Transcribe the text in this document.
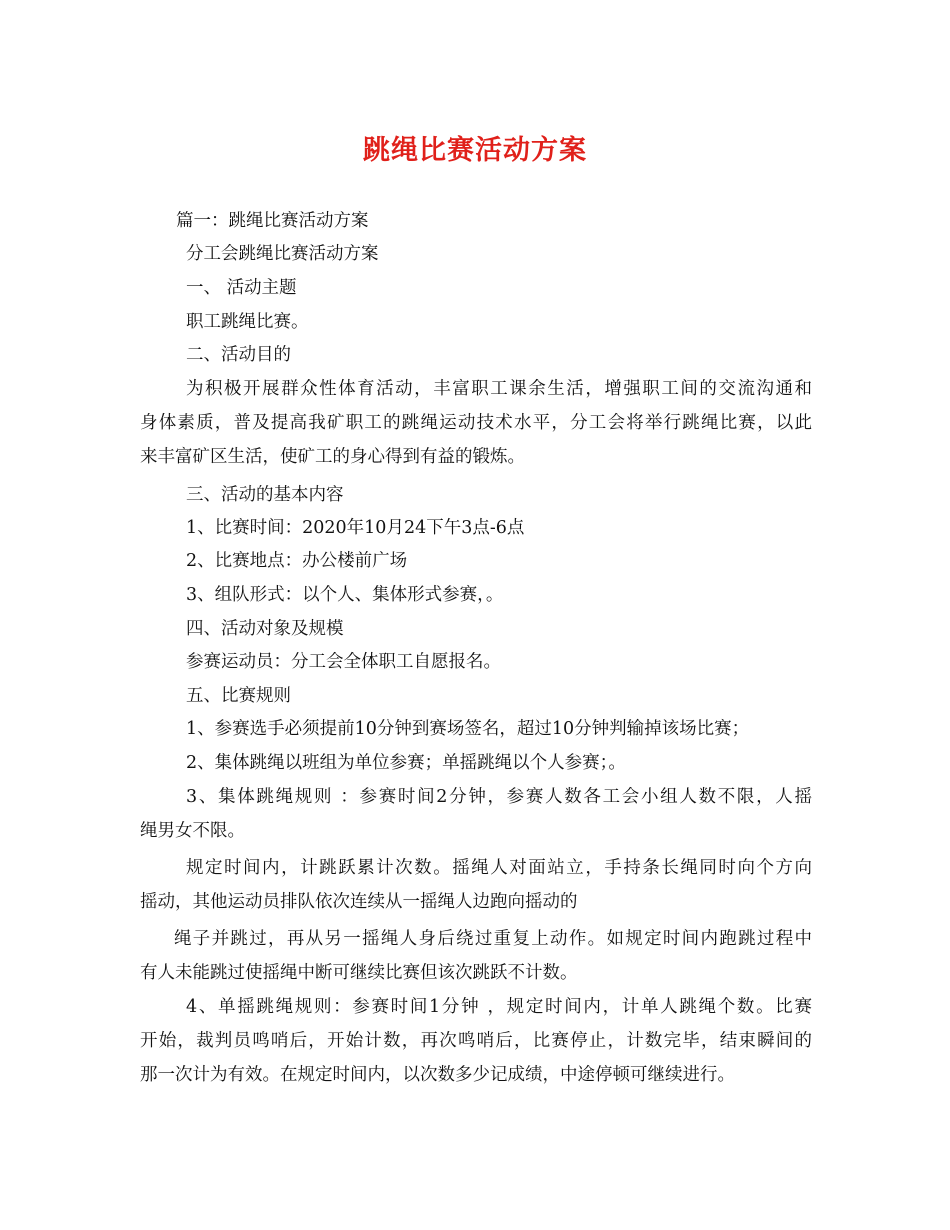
跳绳比赛活动方案
篇一：跳绳比赛活动方案
分工会跳绳比赛活动方案
一、 活动主题
职工跳绳比赛。
二、活动目的
为积极开展群众性体育活动，丰富职工课余生活，增强职工间的交流沟通和
身体素质，普及提高我矿职工的跳绳运动技术水平，分工会将举行跳绳比赛，以此
来丰富矿区生活，使矿工的身心得到有益的锻炼。
三、活动的基本内容
1、比赛时间：2020年10月24下午3点-6点
2、比赛地点：办公楼前广场
3、组队形式：以个人、集体形式参赛，。
四、活动对象及规模
参赛运动员：分工会全体职工自愿报名。
五、比赛规则
1、参赛选手必须提前10分钟到赛场签名，超过10分钟判输掉该场比赛；
2、集体跳绳以班组为单位参赛；单摇跳绳以个人参赛；。
3、集体跳绳规则 ：参赛时间2分钟，参赛人数各工会小组人数不限，人摇
绳男女不限。
规定时间内，计跳跃累计次数。摇绳人对面站立，手持条长绳同时向个方向
摇动，其他运动员排队依次连续从一摇绳人边跑向摇动的
绳子并跳过，再从另一摇绳人身后绕过重复上动作。如规定时间内跑跳过程中
有人未能跳过使摇绳中断可继续比赛但该次跳跃不计数。
4、单摇跳绳规则：参赛时间1分钟 ，规定时间内，计单人跳绳个数。比赛
开始，裁判员鸣哨后，开始计数，再次鸣哨后，比赛停止，计数完毕，结束瞬间的
那一次计为有效。在规定时间内，以次数多少记成绩，中途停顿可继续进行。
